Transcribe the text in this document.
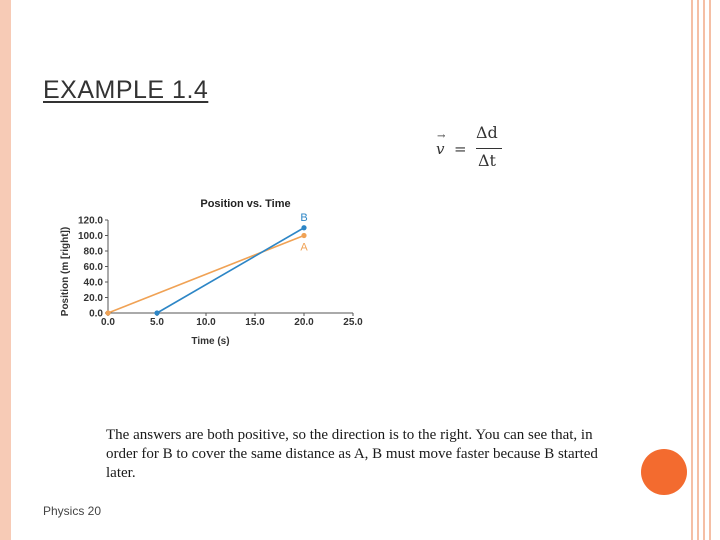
EXAMPLE 1.4
→
v =
Δd
Δt
0.0
20.0
40.0
60.0
80.0
100.0
120.0
0.0	5.0	10.0	15.0	20.0	25.0
Position vs. Time
Time (s)
Position (m [right])	A
B
The answers are both positive, so the direction is to the right. You can see that, in order for B to cover the same distance as A, B must move faster because B started later.
Physics 20
